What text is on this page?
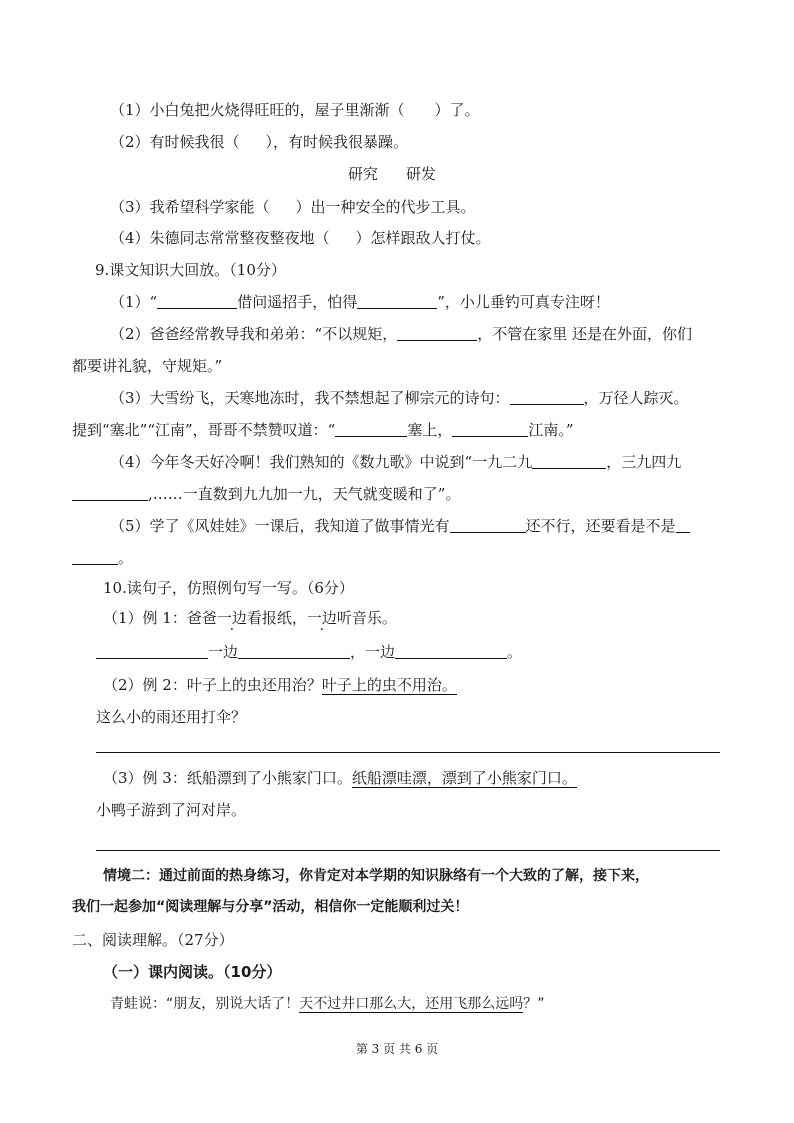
（1）小白兔把火烧得旺旺的，屋子里渐渐（ ）了。
（2）有时候我很（ ），有时候我很暴躁。
研究 研发
（3）我希望科学家能（ ）出一种安全的代步工具。
（4）朱德同志常常整夜整夜地（ ）怎样跟敌人打仗。
9.课文知识大回放。（10分）
（1）“	借问遥招手，怕得	”，小儿垂钓可真专注呀！
（2）爸爸经常教导我和弟弟：“不以规矩，	，不管在家里 还是在外面，你们
都要讲礼貌，守规矩。”
（3）大雪纷飞，天寒地冻时，我不禁想起了柳宗元的诗句：	，万径人踪灭。
提到“塞北”“江南”，哥哥不禁赞叹道：“	塞上，	江南。”
（4）今年冬天好冷啊！我们熟知的《数九歌》中说到“一九二九	，三九四九
,……一直数到九九加一九，天气就变暖和了”。
（5）学了《风娃娃》一课后，我知道了做事情光有	还不行，还要看是不是
。
10.读句子，仿照例句写一写。（6分）
（1）例 1：爸爸一边看报纸，一边听音乐。
一边	，一边	。
（2）例 2：叶子上的虫还用治？叶子上的虫不用治。
这么小的雨还用打伞？
（3）例 3：纸船漂到了小熊家门口。纸船漂哇漂，漂到了小熊家门口。
小鸭子游到了河对岸。
情境二：通过前面的热身练习，你肯定对本学期的知识脉络有一个大致的了解，接下来，
我们一起参加“阅读理解与分享”活动，相信你一定能顺利过关！
二、阅读理解。（27分）
（一）课内阅读。（10分）
青蛙说：“朋友，别说大话了！天不过井口那么大，还用飞那么远吗？”
第 3 页 共 6 页
